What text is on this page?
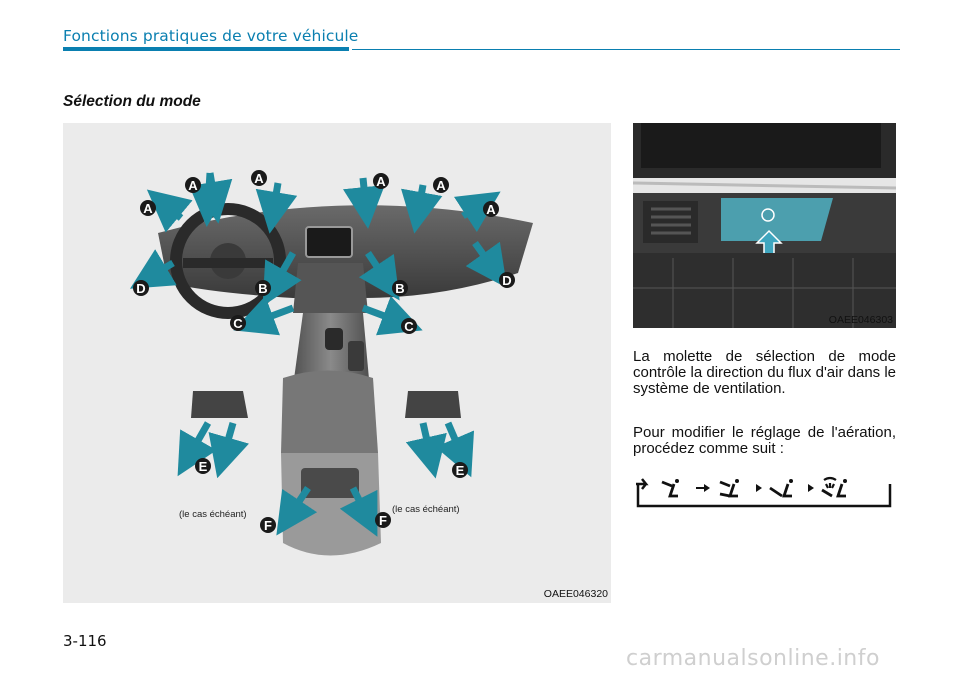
Fonctions pratiques de votre véhicule
Sélection du mode
A	A	A	A
A	A
B	B
C	C
D
D
E	E
F	F
(le cas échéant)	(le cas échéant)
OAEE046320
OAEE046303

La molette de sélection de mode contrôle la direction du flux d'air dans le système de ventilation.

Pour modifier le réglage de l'aération, procédez comme suit :

3-116
carmanualsonline.info
